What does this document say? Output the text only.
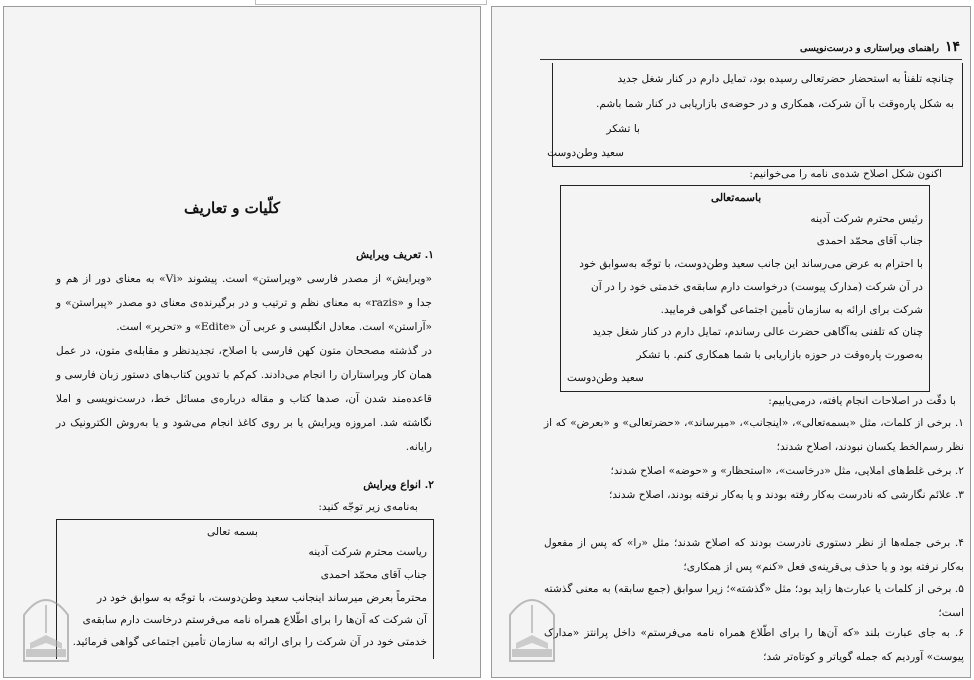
۱۴
راهنمای ویراستاری و درست‌نویسی
چنانچه تلفنأ به استحضار حضرتعالی رسیده بود، تمایل دارم در کنار شغل جدید
به شکل پاره‌وقت با آن شرکت، همکاری و در حوضه‌ی بازاریابی در کنار شما باشم.
با تشکر
سعید وطن‌دوست
اکنون شکل اصلاح شده‌ی نامه را می‌خوانیم:
باسمه‌تعالی
رئیس محترم شرکت آدینه
جناب آقای محمّد احمدی
با احترام به عرض می‌رساند این جانب سعید وطن‌دوست، با توجّه به‌سوابق خود
در آن شرکت (مدارک پیوست) درخواست دارم سابقه‌ی خدمتی خود را در آن
شرکت برای ارائه به سازمان تأمین اجتماعی گواهی فرمایید.
چنان که تلفنی به‌آگاهی حضرت عالی رساندم، تمایل دارم در کنار شغل جدید
به‌صورت پاره‌وقت در حوزه بازاریابی با شما همکاری کنم. با تشکر
سعید وطن‌دوست
با دقّت در اصلاحات انجام یافته، درمی‌یابیم:
۱. برخی از کلمات، مثل «بسمه‌تعالی»، «اینجانب»، «میرساند»، «حضرتعالی» و «بعرض» که از نظر رسم‌الخط یکسان نبودند، اصلاح شدند؛
۲. برخی غلط‌های املایی، مثل «درخاست»، «استحظار» و «حوضه» اصلاح شدند؛
۳. علائم نگارشی که نادرست به‌کار رفته بودند و یا به‌کار نرفته بودند، اصلاح شدند؛
۴. برخی جمله‌ها از نظر دستوری نادرست بودند که اصلاح شدند؛ مثل «را» که پس از مفعول به‌کار نرفته بود و یا حذف بی‌قرینه‌ی فعل «کنم» پس از همکاری؛
۵. برخی از کلمات یا عبارت‌ها زاید بود؛ مثل «گذشته»؛ زیرا سوابق (جمع سابقه) به معنی گذشته است؛
۶. به جای عبارت بلند «که آن‌ها را برای اطّلاع همراه نامه می‌فرستم» داخل پرانتز «مدارک پیوست» آوردیم که جمله گویاتر و کوتاه‌تر شد؛
کلّیات و تعاریف
۱. تعریف ویرایش
«ویرایش» از مصدر فارسی «ویراستن» است. پیشوند «Vi» به معنای دور از هم و جدا و «razis» به معنای نظم و ترتیب و در برگیرنده‌ی معنای دو مصدر «پیراستن» و «آراستن» است. معادل انگلیسی و عربی آن «Edite» و «تحریر» است.
در گذشته مصححان متون کهن فارسی با اصلاح، تجدیدنظر و مقابله‌ی متون، در عمل همان کار ویراستاران را انجام می‌دادند. کم‌کم با تدوین کتاب‌های دستور زبان فارسی و قاعده‌مند شدن آن، صدها کتاب و مقاله درباره‌ی مسائل خط، درست‌نویسی و املا نگاشته شد. امروزه ویرایش یا بر روی کاغذ انجام می‌شود و یا به‌روش الکترونیک در رایانه.
۲. انواع ویرایش
به‌نامه‌ی زیر توجّه کنید:
بسمه تعالی
ریاست محترم شرکت آدینه
جناب آقای محمّد احمدی
محترماً بعرض میرساند اینجانب سعید وطن‌دوست، با توجّه به سوابق خود در
آن شرکت که آن‌ها را برای اطّلاع همراه نامه می‌فرستم درخاست دارم سابقه‌ی
خدمتی خود در آن شرکت را برای ارائه به سازمان تأمین اجتماعی گواهی فرمائید.
